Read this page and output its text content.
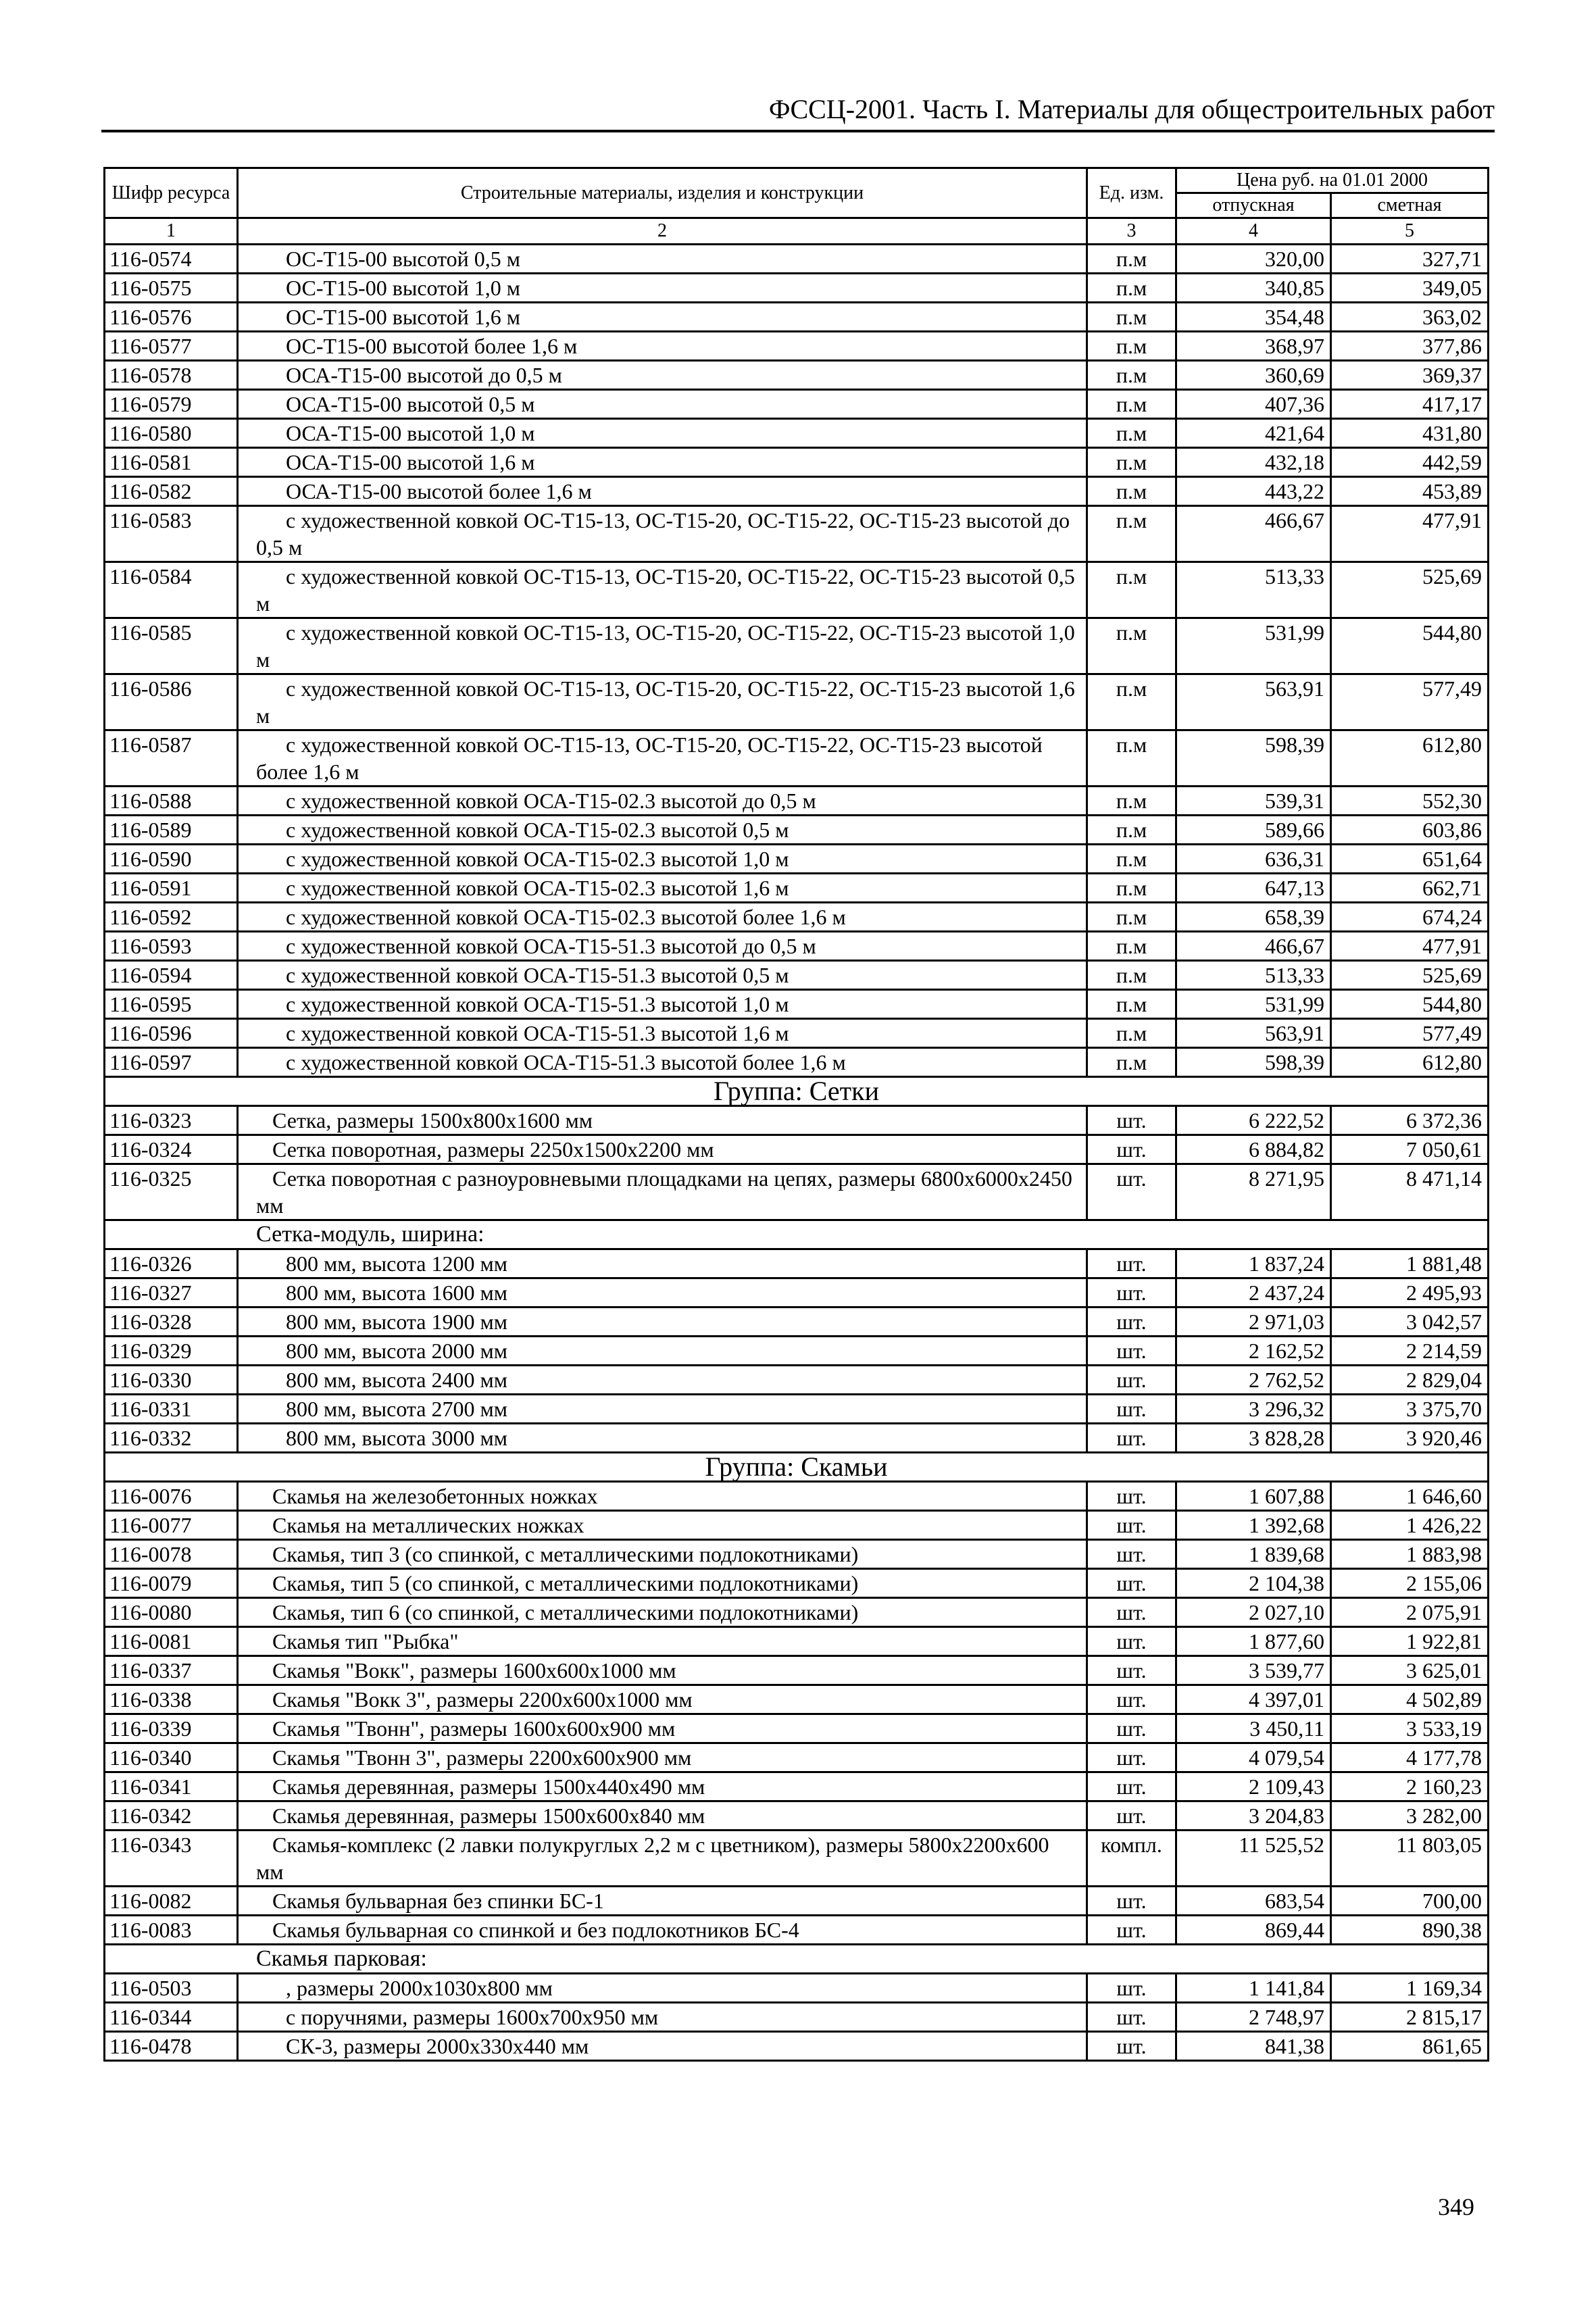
ФССЦ-2001. Часть I. Материалы для общестроительных работ
Шифр ресурса	Строительные материалы, изделия и конструкции	Ед. изм.	Цена руб. на 01.01 2000	
			отпускная	сметная
1	2	3	4	5
116-0574	ОС-Т15-00 высотой 0,5 м	п.м	320,00	327,71
116-0575	ОС-Т15-00 высотой 1,0 м	п.м	340,85	349,05
116-0576	ОС-Т15-00 высотой 1,6 м	п.м	354,48	363,02
116-0577	ОС-Т15-00 высотой более 1,6 м	п.м	368,97	377,86
116-0578	ОСА-Т15-00 высотой до 0,5 м	п.м	360,69	369,37
116-0579	ОСА-Т15-00 высотой 0,5 м	п.м	407,36	417,17
116-0580	ОСА-Т15-00 высотой 1,0 м	п.м	421,64	431,80
116-0581	ОСА-Т15-00 высотой 1,6 м	п.м	432,18	442,59
116-0582	ОСА-Т15-00 высотой более 1,6 м	п.м	443,22	453,89
116-0583	с художественной ковкой ОС-Т15-13, ОС-Т15-20, ОС-Т15-22, ОС-Т15-23 высотой до 0,5 м	п.м	466,67	477,91
116-0584	с художественной ковкой ОС-Т15-13, ОС-Т15-20, ОС-Т15-22, ОС-Т15-23 высотой 0,5 м	п.м	513,33	525,69
116-0585	с художественной ковкой ОС-Т15-13, ОС-Т15-20, ОС-Т15-22, ОС-Т15-23 высотой 1,0 м	п.м	531,99	544,80
116-0586	с художественной ковкой ОС-Т15-13, ОС-Т15-20, ОС-Т15-22, ОС-Т15-23 высотой 1,6 м	п.м	563,91	577,49
116-0587	с художественной ковкой ОС-Т15-13, ОС-Т15-20, ОС-Т15-22, ОС-Т15-23 высотой более 1,6 м	п.м	598,39	612,80
116-0588	с художественной ковкой ОСА-Т15-02.3 высотой до 0,5 м	п.м	539,31	552,30
116-0589	с художественной ковкой ОСА-Т15-02.3 высотой 0,5 м	п.м	589,66	603,86
116-0590	с художественной ковкой ОСА-Т15-02.3 высотой 1,0 м	п.м	636,31	651,64
116-0591	с художественной ковкой ОСА-Т15-02.3 высотой 1,6 м	п.м	647,13	662,71
116-0592	с художественной ковкой ОСА-Т15-02.3 высотой более 1,6 м	п.м	658,39	674,24
116-0593	с художественной ковкой ОСА-Т15-51.3 высотой до 0,5 м	п.м	466,67	477,91
116-0594	с художественной ковкой ОСА-Т15-51.3 высотой 0,5 м	п.м	513,33	525,69
116-0595	с художественной ковкой ОСА-Т15-51.3 высотой 1,0 м	п.м	531,99	544,80
116-0596	с художественной ковкой ОСА-Т15-51.3 высотой 1,6 м	п.м	563,91	577,49
116-0597	с художественной ковкой ОСА-Т15-51.3 высотой более 1,6 м	п.м	598,39	612,80
Группа: Сетки				
116-0323	Сетка, размеры 1500x800x1600 мм	шт.	6 222,52	6 372,36
116-0324	Сетка поворотная, размеры 2250x1500x2200 мм	шт.	6 884,82	7 050,61
116-0325	Сетка поворотная с разноуровневыми площадками на цепях, размеры 6800x6000x2450 мм	шт.	8 271,95	8 471,14
Сетка-модуль, ширина:				
116-0326	800 мм, высота 1200 мм	шт.	1 837,24	1 881,48
116-0327	800 мм, высота 1600 мм	шт.	2 437,24	2 495,93
116-0328	800 мм, высота 1900 мм	шт.	2 971,03	3 042,57
116-0329	800 мм, высота 2000 мм	шт.	2 162,52	2 214,59
116-0330	800 мм, высота 2400 мм	шт.	2 762,52	2 829,04
116-0331	800 мм, высота 2700 мм	шт.	3 296,32	3 375,70
116-0332	800 мм, высота 3000 мм	шт.	3 828,28	3 920,46
Группа: Скамьи				
116-0076	Скамья на железобетонных ножках	шт.	1 607,88	1 646,60
116-0077	Скамья на металлических ножках	шт.	1 392,68	1 426,22
116-0078	Скамья, тип 3 (со спинкой, с металлическими подлокотниками)	шт.	1 839,68	1 883,98
116-0079	Скамья, тип 5 (со спинкой, с металлическими подлокотниками)	шт.	2 104,38	2 155,06
116-0080	Скамья, тип 6 (со спинкой, с металлическими подлокотниками)	шт.	2 027,10	2 075,91
116-0081	Скамья тип "Рыбка"	шт.	1 877,60	1 922,81
116-0337	Скамья "Вокк", размеры 1600x600x1000 мм	шт.	3 539,77	3 625,01
116-0338	Скамья "Вокк 3", размеры 2200x600x1000 мм	шт.	4 397,01	4 502,89
116-0339	Скамья "Твонн", размеры 1600x600x900 мм	шт.	3 450,11	3 533,19
116-0340	Скамья "Твонн 3", размеры 2200x600x900 мм	шт.	4 079,54	4 177,78
116-0341	Скамья деревянная, размеры 1500x440x490 мм	шт.	2 109,43	2 160,23
116-0342	Скамья деревянная, размеры 1500x600x840 мм	шт.	3 204,83	3 282,00
116-0343	Скамья-комплекс (2 лавки полукруглых 2,2 м с цветником), размеры 5800x2200x600 мм	компл.	11 525,52	11 803,05
116-0082	Скамья бульварная без спинки БС-1	шт.	683,54	700,00
116-0083	Скамья бульварная со спинкой и без подлокотников БС-4	шт.	869,44	890,38
Скамья парковая:				
116-0503	, размеры 2000x1030x800 мм	шт.	1 141,84	1 169,34
116-0344	с поручнями, размеры 1600x700x950 мм	шт.	2 748,97	2 815,17
116-0478	СК-3, размеры 2000x330x440 мм	шт.	841,38	861,65
349
